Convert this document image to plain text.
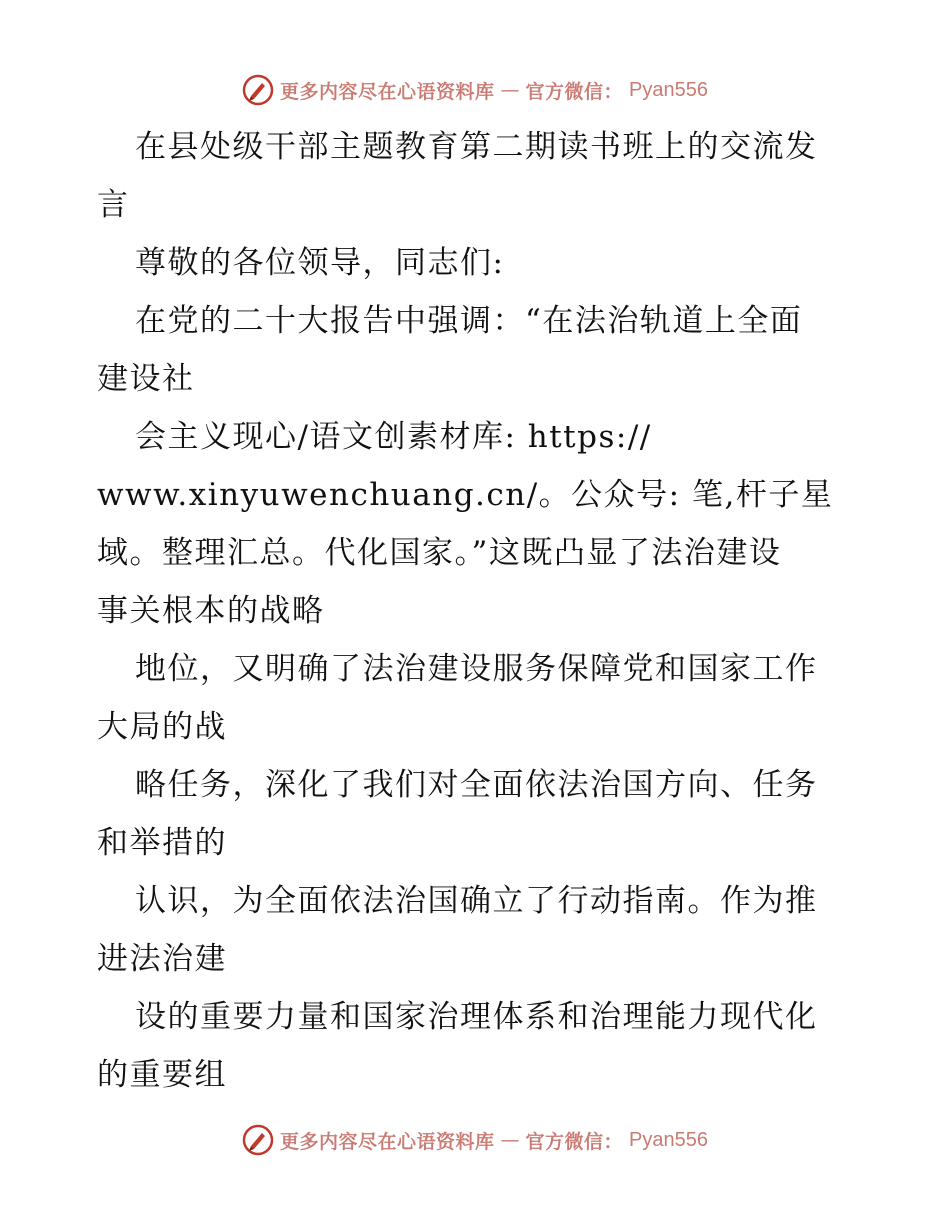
更多内容尽在心语资料库 — 官方微信： Pyan556
在县处级干部主题教育第二期读书班上的交流发
言
尊敬的各位领导，同志们:
在党的二十大报告中强调：“在法治轨道上全面
建设社
会主义现心/语文创素材库: https://
www.xinyuwenchuang.cn/。公众号: 笔,杆子星
域。整理汇总。代化国家。”这既凸显了法治建设
事关根本的战略
地位，又明确了法治建设服务保障党和国家工作
大局的战
略任务，深化了我们对全面依法治国方向、任务
和举措的
认识，为全面依法治国确立了行动指南。作为推
进法治建
设的重要力量和国家治理体系和治理能力现代化
的重要组
更多内容尽在心语资料库 — 官方微信： Pyan556
